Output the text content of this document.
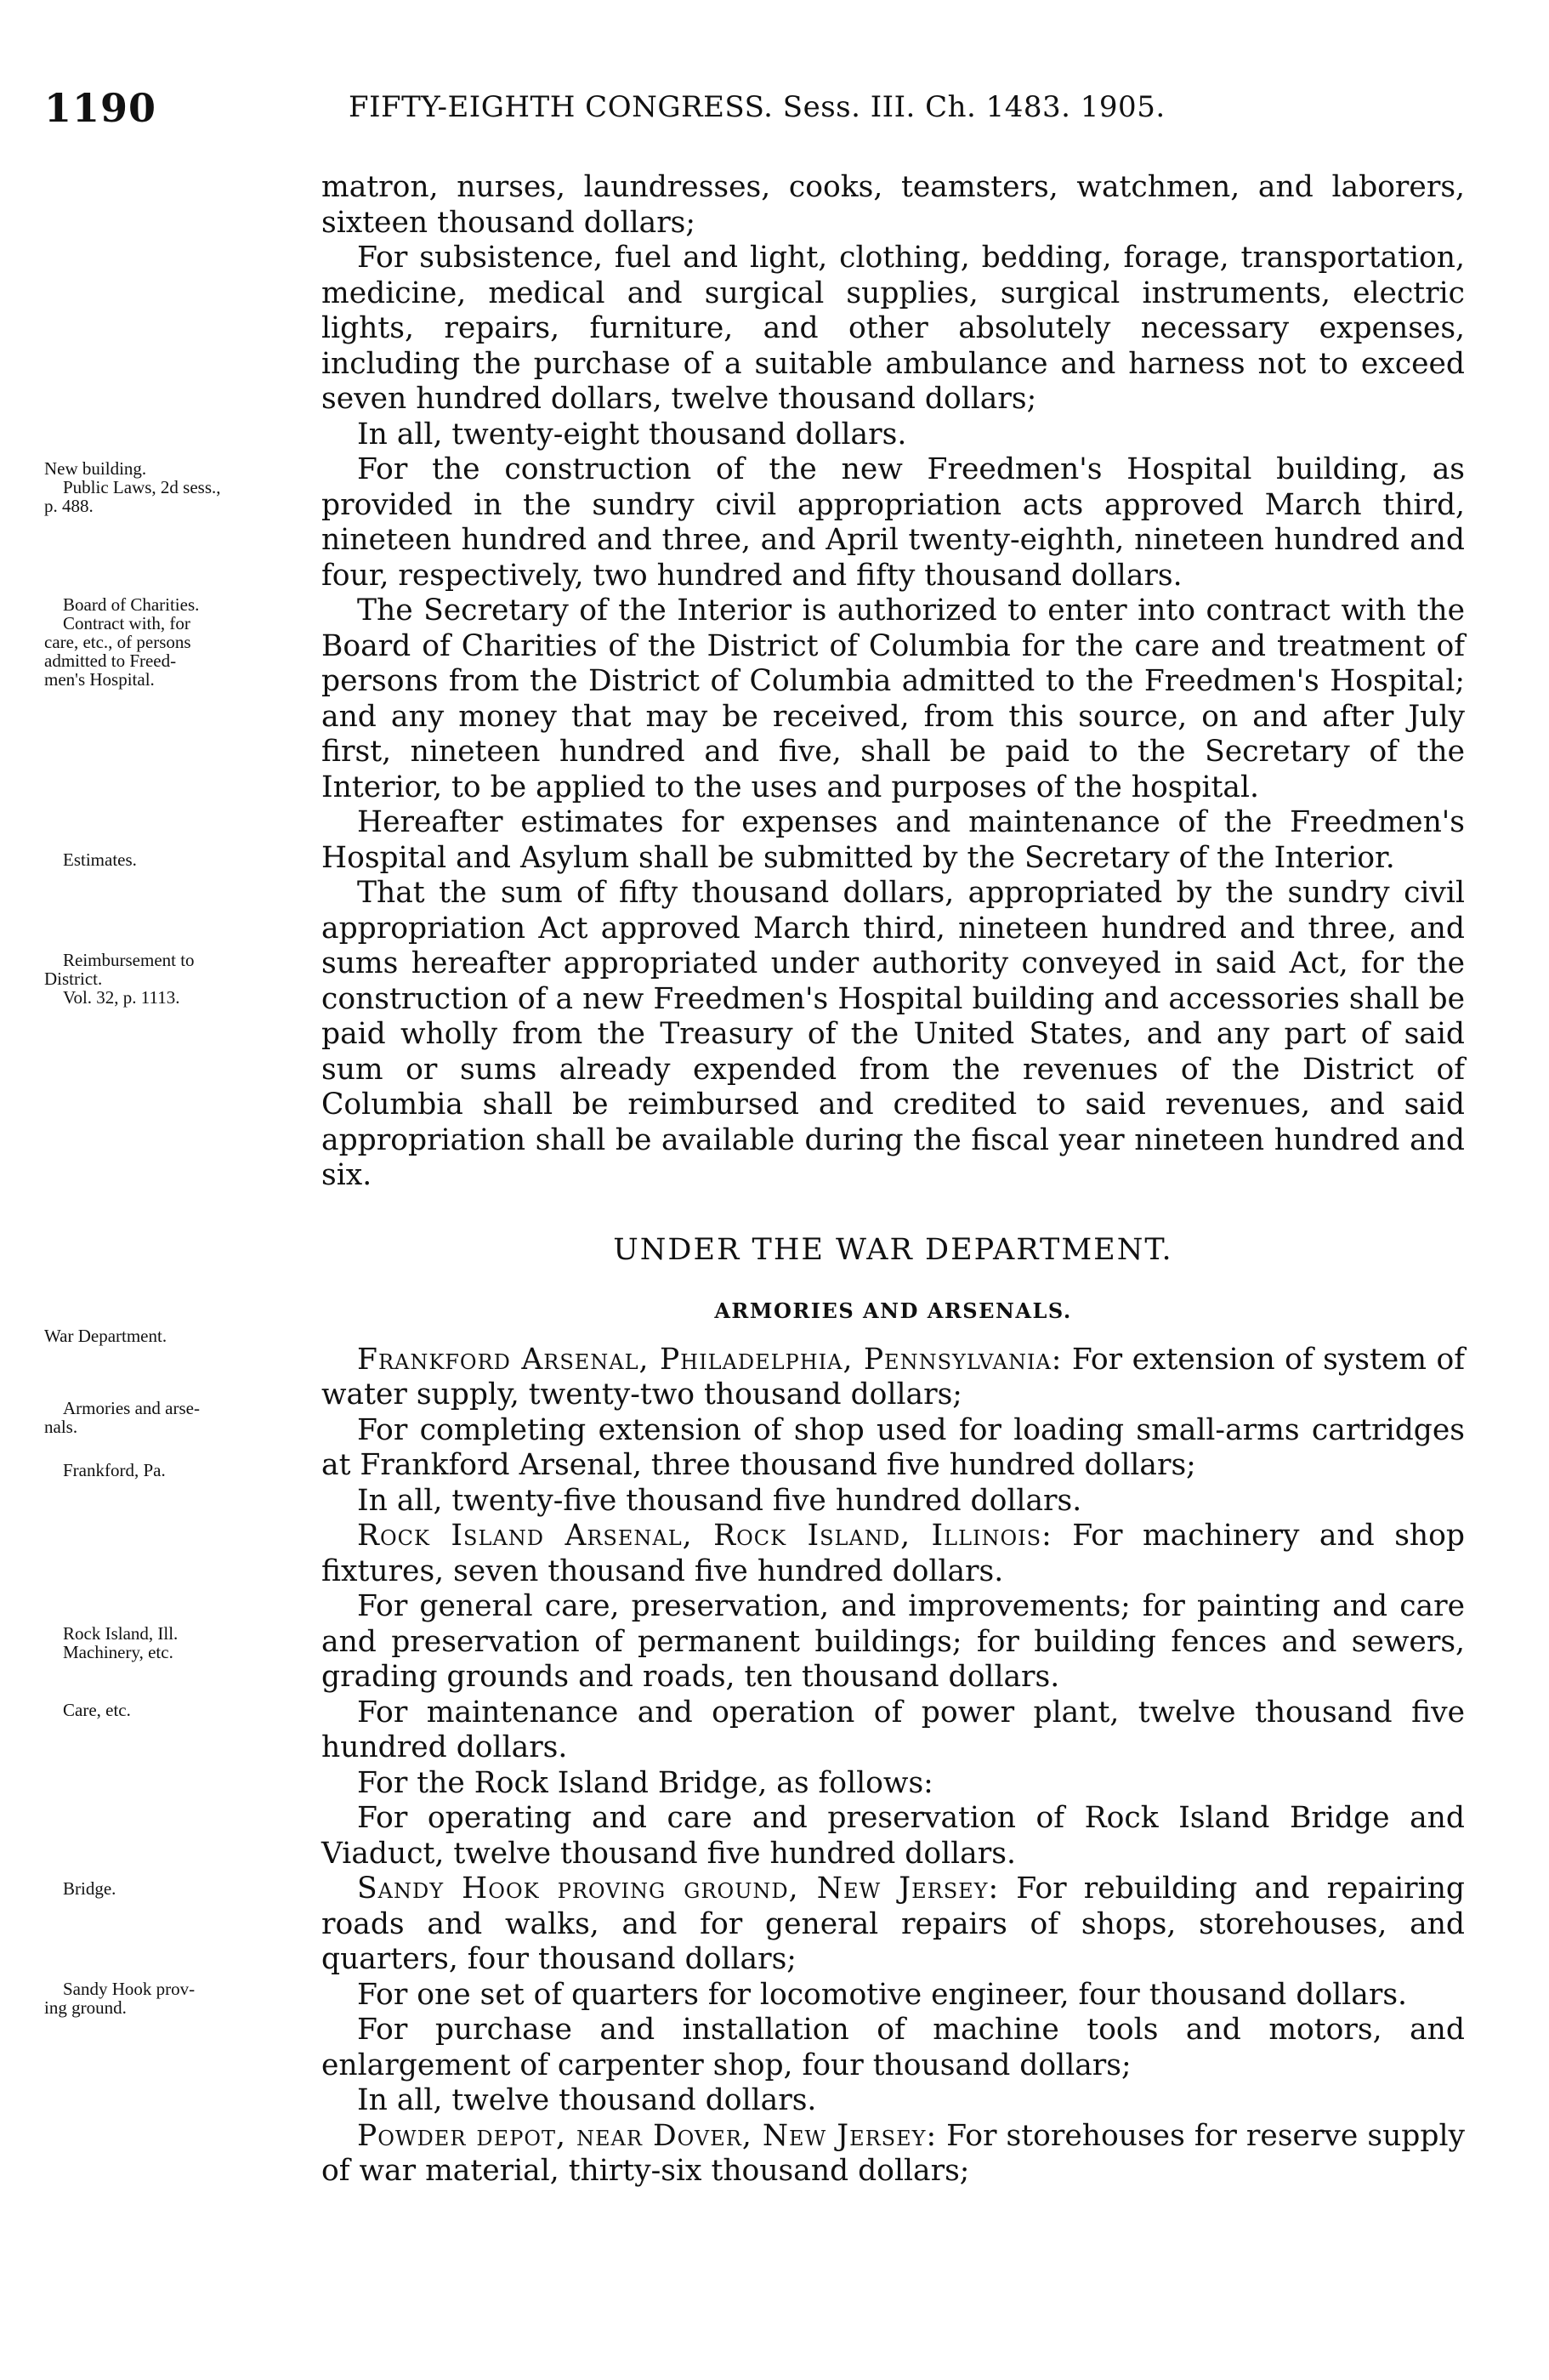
1190	FIFTY-EIGHTH CONGRESS. Sess. III. Ch. 1483. 1905.
New building.
Public Laws, 2d sess.,
p. 488.
Board of Charities.
Contract with, for
care, etc., of persons
admitted to Freed-
men's Hospital.
Estimates.
Reimbursement to
District.
Vol. 32, p. 1113.
War Department.
Armories and arse-
nals.
Frankford, Pa.
Rock Island, Ill.
Machinery, etc.
Care, etc.
Bridge.
Sandy Hook prov-
ing ground.

matron, nurses, laundresses, cooks, teamsters, watchmen, and laborers, sixteen thousand dollars;

For subsistence, fuel and light, clothing, bedding, forage, transportation, medicine, medical and surgical supplies, surgical instruments, electric lights, repairs, furniture, and other absolutely necessary expenses, including the purchase of a suitable ambulance and harness not to exceed seven hundred dollars, twelve thousand dollars;

In all, twenty-eight thousand dollars.

For the construction of the new Freedmen's Hospital building, as provided in the sundry civil appropriation acts approved March third, nineteen hundred and three, and April twenty-eighth, nineteen hundred and four, respectively, two hundred and fifty thousand dollars.

The Secretary of the Interior is authorized to enter into contract with the Board of Charities of the District of Columbia for the care and treatment of persons from the District of Columbia admitted to the Freedmen's Hospital; and any money that may be received, from this source, on and after July first, nineteen hundred and five, shall be paid to the Secretary of the Interior, to be applied to the uses and purposes of the hospital.

Hereafter estimates for expenses and maintenance of the Freedmen's Hospital and Asylum shall be submitted by the Secretary of the Interior.

That the sum of fifty thousand dollars, appropriated by the sundry civil appropriation Act approved March third, nineteen hundred and three, and sums hereafter appropriated under authority conveyed in said Act, for the construction of a new Freedmen's Hospital building and accessories shall be paid wholly from the Treasury of the United States, and any part of said sum or sums already expended from the revenues of the District of Columbia shall be reimbursed and credited to said revenues, and said appropriation shall be available during the fiscal year nineteen hundred and six.

UNDER THE WAR DEPARTMENT.

ARMORIES AND ARSENALS.

Frankford Arsenal, Philadelphia, Pennsylvania: For extension of system of water supply, twenty-two thousand dollars;

For completing extension of shop used for loading small-arms cartridges at Frankford Arsenal, three thousand five hundred dollars;

In all, twenty-five thousand five hundred dollars.

Rock Island Arsenal, Rock Island, Illinois: For machinery and shop fixtures, seven thousand five hundred dollars.

For general care, preservation, and improvements; for painting and care and preservation of permanent buildings; for building fences and sewers, grading grounds and roads, ten thousand dollars.

For maintenance and operation of power plant, twelve thousand five hundred dollars.

For the Rock Island Bridge, as follows:

For operating and care and preservation of Rock Island Bridge and Viaduct, twelve thousand five hundred dollars.

Sandy Hook proving ground, New Jersey: For rebuilding and repairing roads and walks, and for general repairs of shops, storehouses, and quarters, four thousand dollars;

For one set of quarters for locomotive engineer, four thousand dollars.

For purchase and installation of machine tools and motors, and enlargement of carpenter shop, four thousand dollars;

In all, twelve thousand dollars.

Powder depot, near Dover, New Jersey: For storehouses for reserve supply of war material, thirty-six thousand dollars;
